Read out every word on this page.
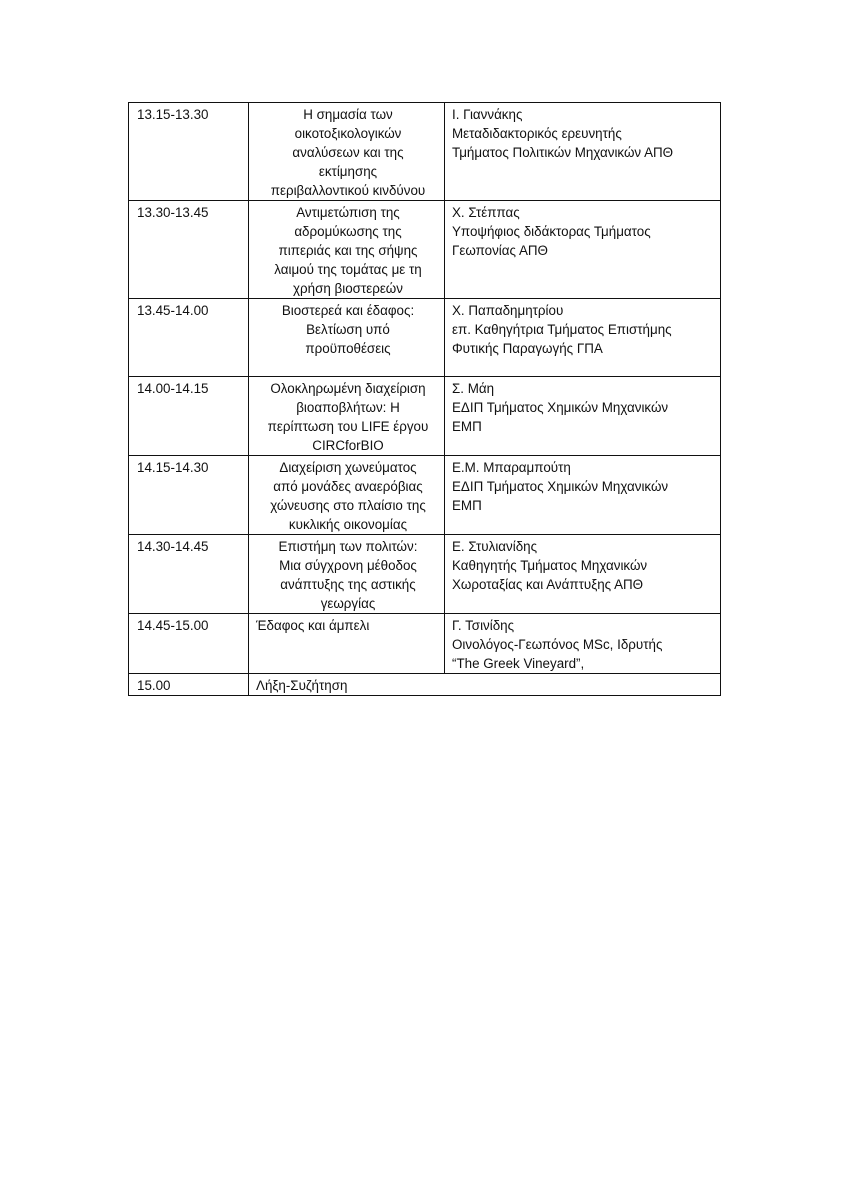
13.15-13.30	Η σημασία των
οικοτοξικολογικών
αναλύσεων και της
εκτίμησης
περιβαλλοντικού κινδύνου	Ι. Γιαννάκης
Μεταδιδακτορικός ερευνητής
Τμήματος Πολιτικών Μηχανικών ΑΠΘ

13.30-13.45	Αντιμετώπιση της
αδρομύκωσης της
πιπεριάς και της σήψης
λαιμού της τομάτας με τη
χρήση βιοστερεών	Χ. Στέππας
Υποψήφιος διδάκτορας Τμήματος
Γεωπονίας ΑΠΘ

13.45-14.00	Βιοστερεά και έδαφος:
Βελτίωση υπό
προϋποθέσεις	Χ. Παπαδημητρίου
επ. Καθηγήτρια Τμήματος Επιστήμης
Φυτικής Παραγωγής ΓΠΑ

14.00-14.15	Ολοκληρωμένη διαχείριση
βιοαποβλήτων: Η
περίπτωση του LIFE έργου
CIRCforBIO	Σ. Μάη
ΕΔΙΠ Τμήματος Χημικών Μηχανικών
ΕΜΠ

14.15-14.30	Διαχείριση χωνεύματος
από μονάδες αναερόβιας
χώνευσης στο πλαίσιο της
κυκλικής οικονομίας	Ε.Μ. Μπαραμπούτη
ΕΔΙΠ Τμήματος Χημικών Μηχανικών
ΕΜΠ

14.30-14.45	Επιστήμη των πολιτών:
Μια σύγχρονη μέθοδος
ανάπτυξης της αστικής
γεωργίας	Ε. Στυλιανίδης
Καθηγητής Τμήματος Μηχανικών
Χωροταξίας και Ανάπτυξης ΑΠΘ

14.45-15.00	Έδαφος και άμπελι	Γ. Τσινίδης
Οινολόγος-Γεωπόνος MSc, Ιδρυτής
“The Greek Vineyard”,

15.00	Λήξη-Συζήτηση	
